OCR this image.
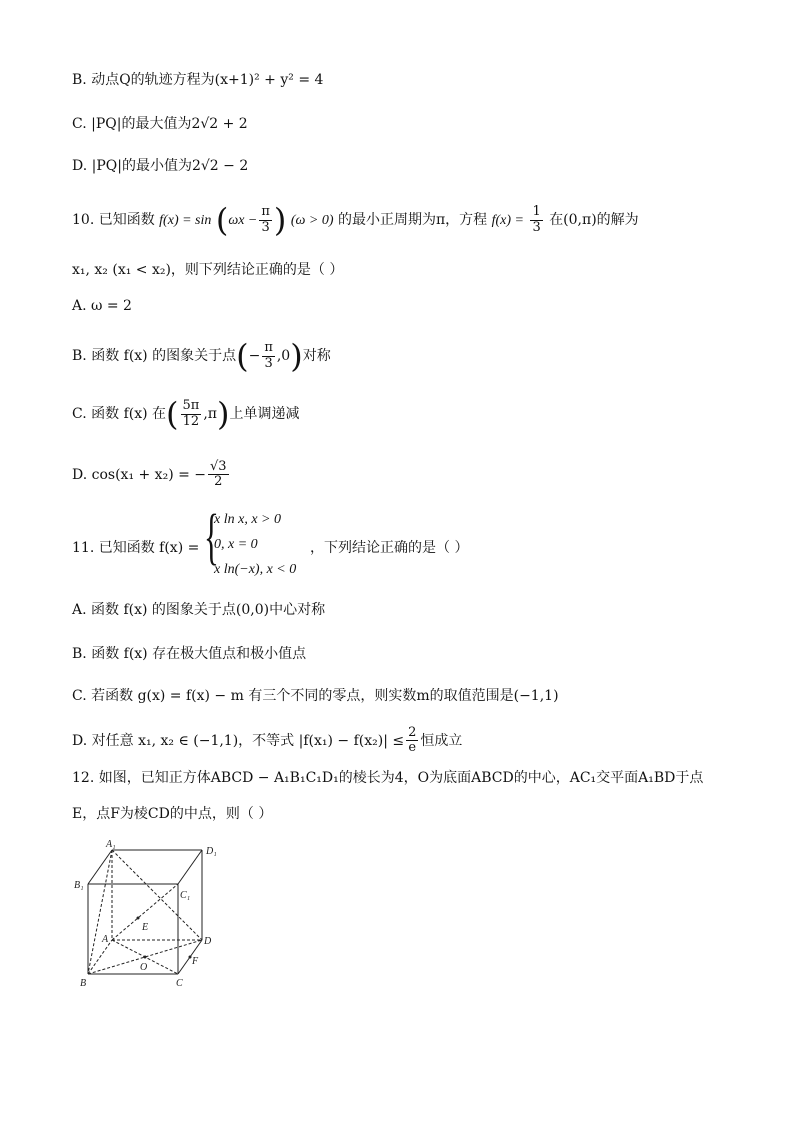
B. 动点Q的轨迹方程为(x+1)² + y² = 4
C. |PQ|的最大值为2√2 + 2
D. |PQ|的最小值为2√2 − 2
10. 已知函数 $f(x) = \sin (\omega x - \frac{\pi}{3}$ ) (ω > 0) 的最小正周期为π，方程 $f(x) = \frac{1}{3}$ 在(0,π)的解为
x₁, x₂ (x₁ < x₂)，则下列结论正确的是（ ）
A. ω = 2
B. 函数 f(x) 的图象关于点(− $\frac{\pi}{3} ,0$)对称
C. 函数 f(x) 在( $\frac{5\pi}{12} ,\pi$)上单调递减
D. cos(x₁ + x₂) = − $\frac{√3}{2}$
11. 已知函数 f(x) = {
x ln x, x > 0
0, x = 0
x ln(−x), x < 0
，下列结论正确的是（ ）
A. 函数 f(x) 的图象关于点(0,0)中心对称
B. 函数 f(x) 存在极大值点和极小值点
C. 若函数 g(x) = f(x) − m 有三个不同的零点，则实数m的取值范围是(−1,1)
D. 对任意 x₁, x₂ ∈ (−1,1)，不等式 $|f(x_1) - f(x_2)| \le \frac{2}{e}$ 恒成立
12. 如图，已知正方体ABCD − A₁B₁C₁D₁的棱长为4，O为底面ABCD的中心，AC₁交平面A₁BD于点
E，点F为棱CD的中点，则（ ）
A₁
D₁
B₁
C₁
A	D
B	C
E
O
F
